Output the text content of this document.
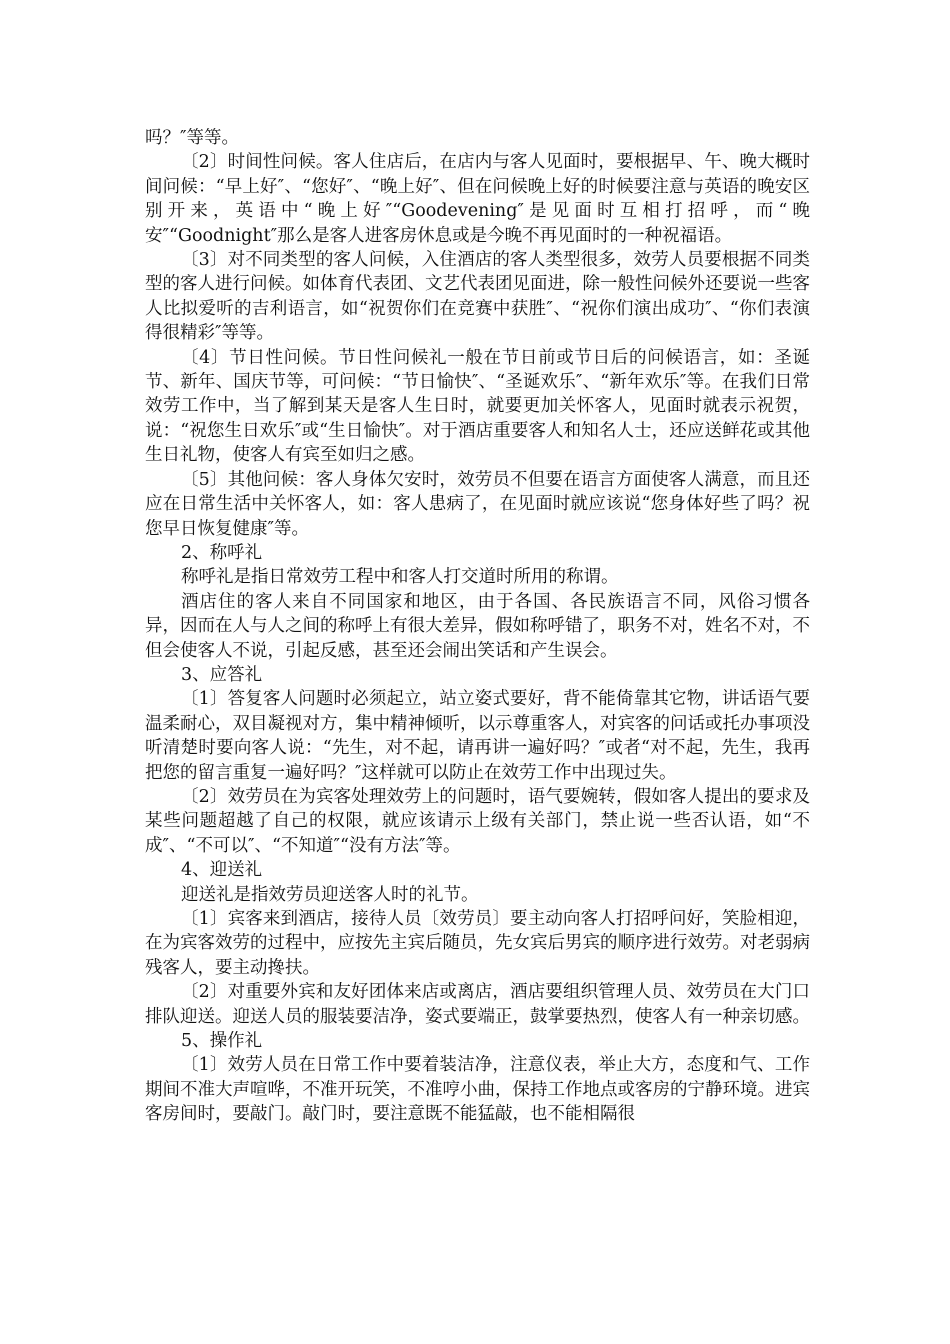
吗？″等等。

〔2〕时间性问候。客人住店后，在店内与客人见面时，要根据早、午、晚大概时间问候：“早上好″、“您好″、“晚上好″、但在问候晚上好的时候要注意与英语的晚安区别开来，英语中“晚上好″“Goodevening″是见面时互相打招呼，而“晚安″“Goodnight″那么是客人进客房休息或是今晚不再见面时的一种祝福语。

〔3〕对不同类型的客人问候，入住酒店的客人类型很多，效劳人员要根据不同类型的客人进行问候。如体育代表团、文艺代表团见面进，除一般性问候外还要说一些客人比拟爱听的吉利语言，如“祝贺你们在竞赛中获胜″、“祝你们演出成功″、“你们表演得很精彩″等等。

〔4〕节日性问候。节日性问候礼一般在节日前或节日后的问候语言，如：圣诞节、新年、国庆节等，可问候：“节日愉快″、“圣诞欢乐″、“新年欢乐″等。在我们日常效劳工作中，当了解到某天是客人生日时，就要更加关怀客人，见面时就表示祝贺，说：“祝您生日欢乐″或“生日愉快″。对于酒店重要客人和知名人士，还应送鲜花或其他生日礼物，使客人有宾至如归之感。

〔5〕其他问候：客人身体欠安时，效劳员不但要在语言方面使客人满意，而且还应在日常生活中关怀客人，如：客人患病了，在见面时就应该说“您身体好些了吗？祝您早日恢复健康″等。

2、称呼礼

称呼礼是指日常效劳工程中和客人打交道时所用的称谓。

酒店住的客人来自不同国家和地区，由于各国、各民族语言不同，风俗习惯各异，因而在人与人之间的称呼上有很大差异，假如称呼错了，职务不对，姓名不对，不但会使客人不说，引起反感，甚至还会闹出笑话和产生误会。

3、应答礼

〔1〕答复客人问题时必须起立，站立姿式要好，背不能倚靠其它物，讲话语气要温柔耐心，双目凝视对方，集中精神倾听，以示尊重客人，对宾客的问话或托办事项没听清楚时要向客人说：“先生，对不起，请再讲一遍好吗？″或者“对不起，先生，我再把您的留言重复一遍好吗？″这样就可以防止在效劳工作中出现过失。

〔2〕效劳员在为宾客处理效劳上的问题时，语气要婉转，假如客人提出的要求及某些问题超越了自己的权限，就应该请示上级有关部门，禁止说一些否认语，如“不成″、“不可以″、“不知道″“没有方法″等。

4、迎送礼

迎送礼是指效劳员迎送客人时的礼节。

〔1〕宾客来到酒店，接待人员〔效劳员〕要主动向客人打招呼问好，笑脸相迎，在为宾客效劳的过程中，应按先主宾后随员，先女宾后男宾的顺序进行效劳。对老弱病残客人，要主动搀扶。

〔2〕对重要外宾和友好团体来店或离店，酒店要组织管理人员、效劳员在大门口排队迎送。迎送人员的服装要洁净，姿式要端正，鼓掌要热烈，使客人有一种亲切感。

5、操作礼

〔1〕效劳人员在日常工作中要着装洁净，注意仪表，举止大方，态度和气、工作期间不准大声喧哗，不准开玩笑，不准哼小曲，保持工作地点或客房的宁静环境。进宾客房间时，要敲门。敲门时，要注意既不能猛敲，也不能相隔很
